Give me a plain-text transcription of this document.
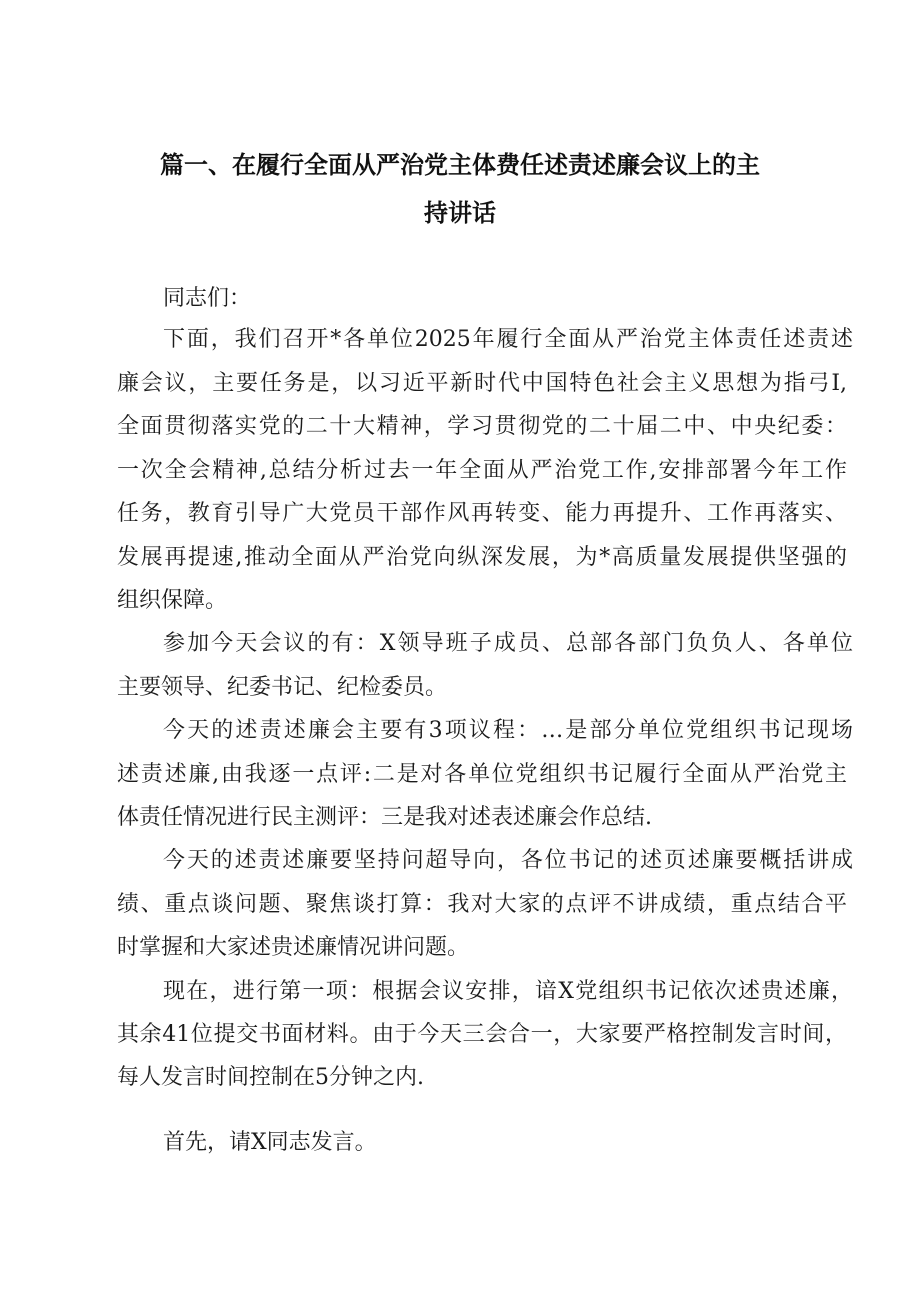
篇一、在履行全面从严治党主体费任述责述廉会议上的主
持讲话
同志们：
下面，我们召开*各单位2025年履行全面从严治党主体责任述责述
廉会议，主要任务是，以习近平新时代中国特色社会主义思想为指弓I,
全面贯彻落实党的二十大精神，学习贯彻党的二十届二中、中央纪委：
一次全会精神,总结分析过去一年全面从严治党工作,安排部署今年工作
任务，教育引导广大党员干部作风再转变、能力再提升、工作再落实、
发展再提速,推动全面从严治党向纵深发展，为*高质量发展提供坚强的
组织保障。
参加今天会议的有：X领导班子成员、总部各部门负负人、各单位
主要领导、纪委书记、纪检委员。
今天的述责述廉会主要有3项议程：…是部分单位党组织书记现场
述责述廉,由我逐一点评:二是对各单位党组织书记履行全面从严治党主
体责任情况进行民主测评：三是我对述表述廉会作总结.
今天的述责述廉要坚持问超导向，各位书记的述页述廉要概括讲成
绩、重点谈问题、聚焦谈打算：我对大家的点评不讲成绩，重点结合平
时掌握和大家述贵述廉情况讲问题。
现在，进行第一项：根据会议安排，谙X党组织书记依次述贵述廉，
其余41位提交书面材料。由于今天三会合一，大家要严格控制发言时间，
每人发言时间控制在5分钟之内.
首先，请X同志发言。
